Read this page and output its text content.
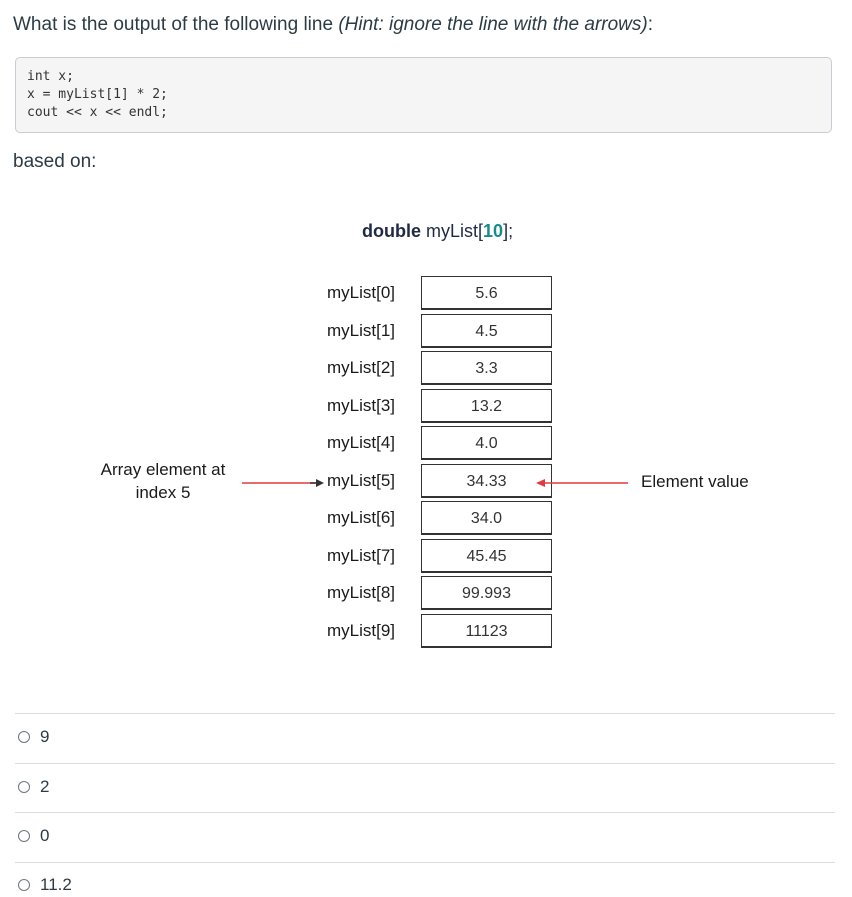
What is the output of the following line (Hint: ignore the line with the arrows):
int x;
x = myList[1] * 2;
cout << x << endl;
based on:
double myList[10];
myList[0]
myList[1]
myList[2]
myList[3]
myList[4]
myList[5]
myList[6]
myList[7]
myList[8]
myList[9]
5.6
4.5
3.3
13.2
4.0
34.33
34.0
45.45
99.993
11123
Array element at index 5
Element value
9
2
0
11.2
